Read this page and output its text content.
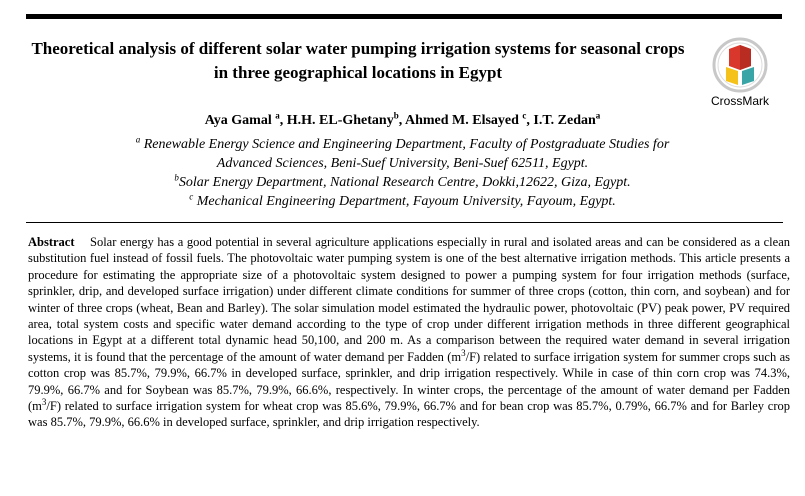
Theoretical analysis of different solar water pumping irrigation systems for seasonal crops in three geographical locations in Egypt
CrossMark
Aya Gamal $^a$, H.H. EL-Ghetany$^b$, Ahmed M. Elsayed $^c$, I.T. Zedan$^a$
$^a$ Renewable Energy Science and Engineering Department, Faculty of Postgraduate Studies for
Advanced Sciences, Beni-Suef University, Beni-Suef 62511, Egypt.
$^b$Solar Energy Department, National Research Centre, Dokki,12622, Giza, Egypt.
$^c$ Mechanical Engineering Department, Fayoum University, Fayoum, Egypt.
Abstract	Solar energy has a good potential in several agriculture applications especially in rural and isolated areas and can be considered as a clean substitution fuel instead of fossil fuels. The photovoltaic water pumping system is one of the best alternative irrigation methods. This article presents a procedure for estimating the appropriate size of a photovoltaic system designed to power a pumping system for four irrigation methods (surface, sprinkler, drip, and developed surface irrigation) under different climate conditions for summer of three crops (cotton, thin corn, and soybean) and for winter of three crops (wheat, Bean and Barley). The solar simulation model estimated the hydraulic power, photovoltaic (PV) peak power, PV required area, total system costs and specific water demand according to the type of crop under different irrigation methods in three different geographical locations in Egypt at a different total dynamic head 50,100, and 200 m. As a comparison between the required water demand in several irrigation systems, it is found that the percentage of the amount of water demand per Fadden $(m^3/F)$ related to surface irrigation system for summer crops such as cotton crop was 85.7%, 79.9%, 66.7% in developed surface, sprinkler, and drip irrigation respectively. While in case of thin corn crop was 74.3%, 79.9%, 66.7% and for Soybean was 85.7%, 79.9%, 66.6%, respectively. In winter crops, the percentage of the amount of water demand per Fadden $(m^3/F)$ related to surface irrigation system for wheat crop was 85.6%, 79.9%, 66.7% and for bean crop was 85.7%, 0.79%, 66.7% and for Barley crop was 85.7%, 79.9%, 66.6% in developed surface, sprinkler, and drip irrigation respectively.
